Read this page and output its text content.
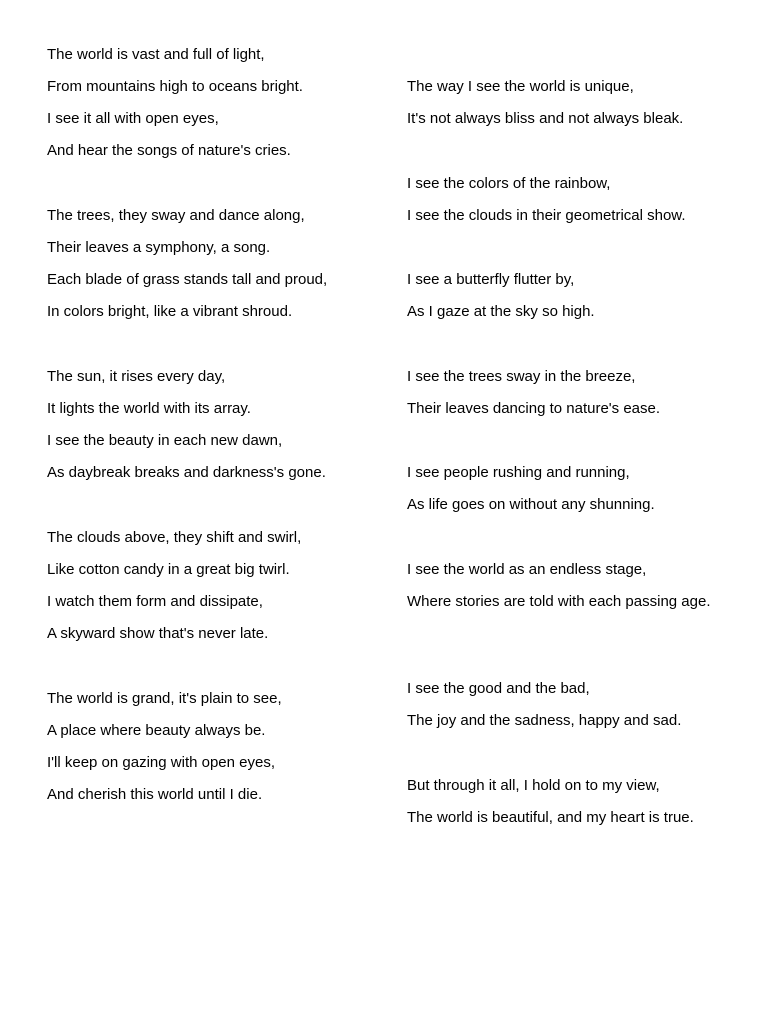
The world is vast and full of light,
From mountains high to oceans bright.
I see it all with open eyes,
And hear the songs of nature's cries.
The trees, they sway and dance along,
Their leaves a symphony, a song.
Each blade of grass stands tall and proud,
In colors bright, like a vibrant shroud.
The sun, it rises every day,
It lights the world with its array.
I see the beauty in each new dawn,
As daybreak breaks and darkness's gone.
The clouds above, they shift and swirl,
Like cotton candy in a great big twirl.
I watch them form and dissipate,
A skyward show that's never late.
The world is grand, it's plain to see,
A place where beauty always be.
I'll keep on gazing with open eyes,
And cherish this world until I die.
The way I see the world is unique,
It's not always bliss and not always bleak.
I see the colors of the rainbow,
I see the clouds in their geometrical show.
I see a butterfly flutter by,
As I gaze at the sky so high.
I see the trees sway in the breeze,
Their leaves dancing to nature's ease.
I see people rushing and running,
As life goes on without any shunning.
I see the world as an endless stage,
Where stories are told with each passing age.
I see the good and the bad,
The joy and the sadness, happy and sad.
But through it all, I hold on to my view,
The world is beautiful, and my heart is true.
